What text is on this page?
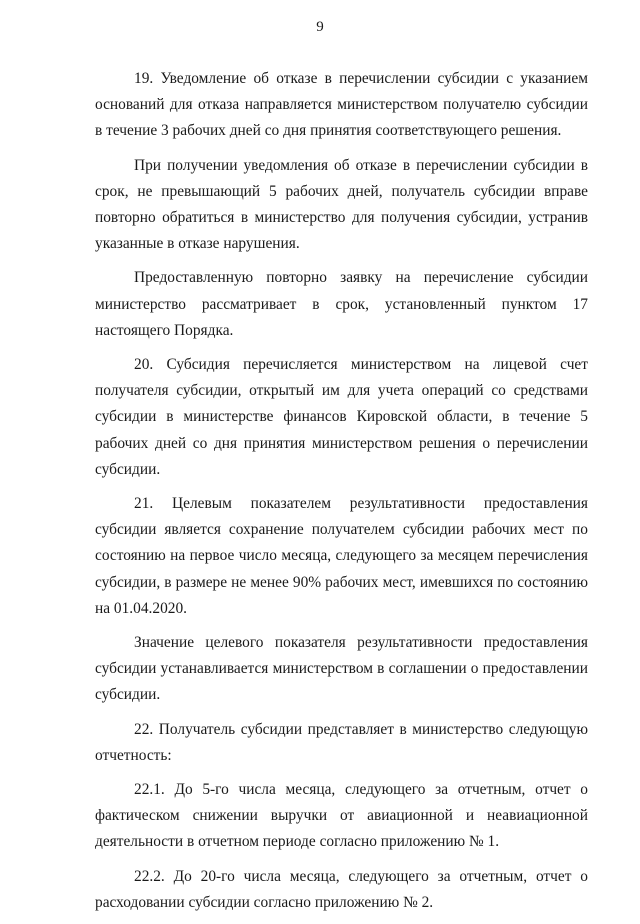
9

19. Уведомление об отказе в перечислении субсидии с указанием оснований для отказа направляется министерством получателю субсидии в течение 3 рабочих дней со дня принятия соответствующего решения.

При получении уведомления об отказе в перечислении субсидии в срок, не превышающий 5 рабочих дней, получатель субсидии вправе повторно обратиться в министерство для получения субсидии, устранив указанные в отказе нарушения.

Предоставленную повторно заявку на перечисление субсидии министерство рассматривает в срок, установленный пунктом 17 настоящего Порядка.

20. Субсидия перечисляется министерством на лицевой счет получателя субсидии, открытый им для учета операций со средствами субсидии в министерстве финансов Кировской области, в течение 5 рабочих дней со дня принятия министерством решения о перечислении субсидии.

21. Целевым показателем результативности предоставления субсидии является сохранение получателем субсидии рабочих мест по состоянию на первое число месяца, следующего за месяцем перечисления субсидии, в размере не менее 90% рабочих мест, имевшихся по состоянию на 01.04.2020.

Значение целевого показателя результативности предоставления субсидии устанавливается министерством в соглашении о предоставлении субсидии.

22. Получатель субсидии представляет в министерство следующую отчетность:

22.1. До 5-го числа месяца, следующего за отчетным, отчет о фактическом снижении выручки от авиационной и неавиационной деятельности в отчетном периоде согласно приложению № 1.

22.2. До 20-го числа месяца, следующего за отчетным, отчет о расходовании субсидии согласно приложению № 2.
